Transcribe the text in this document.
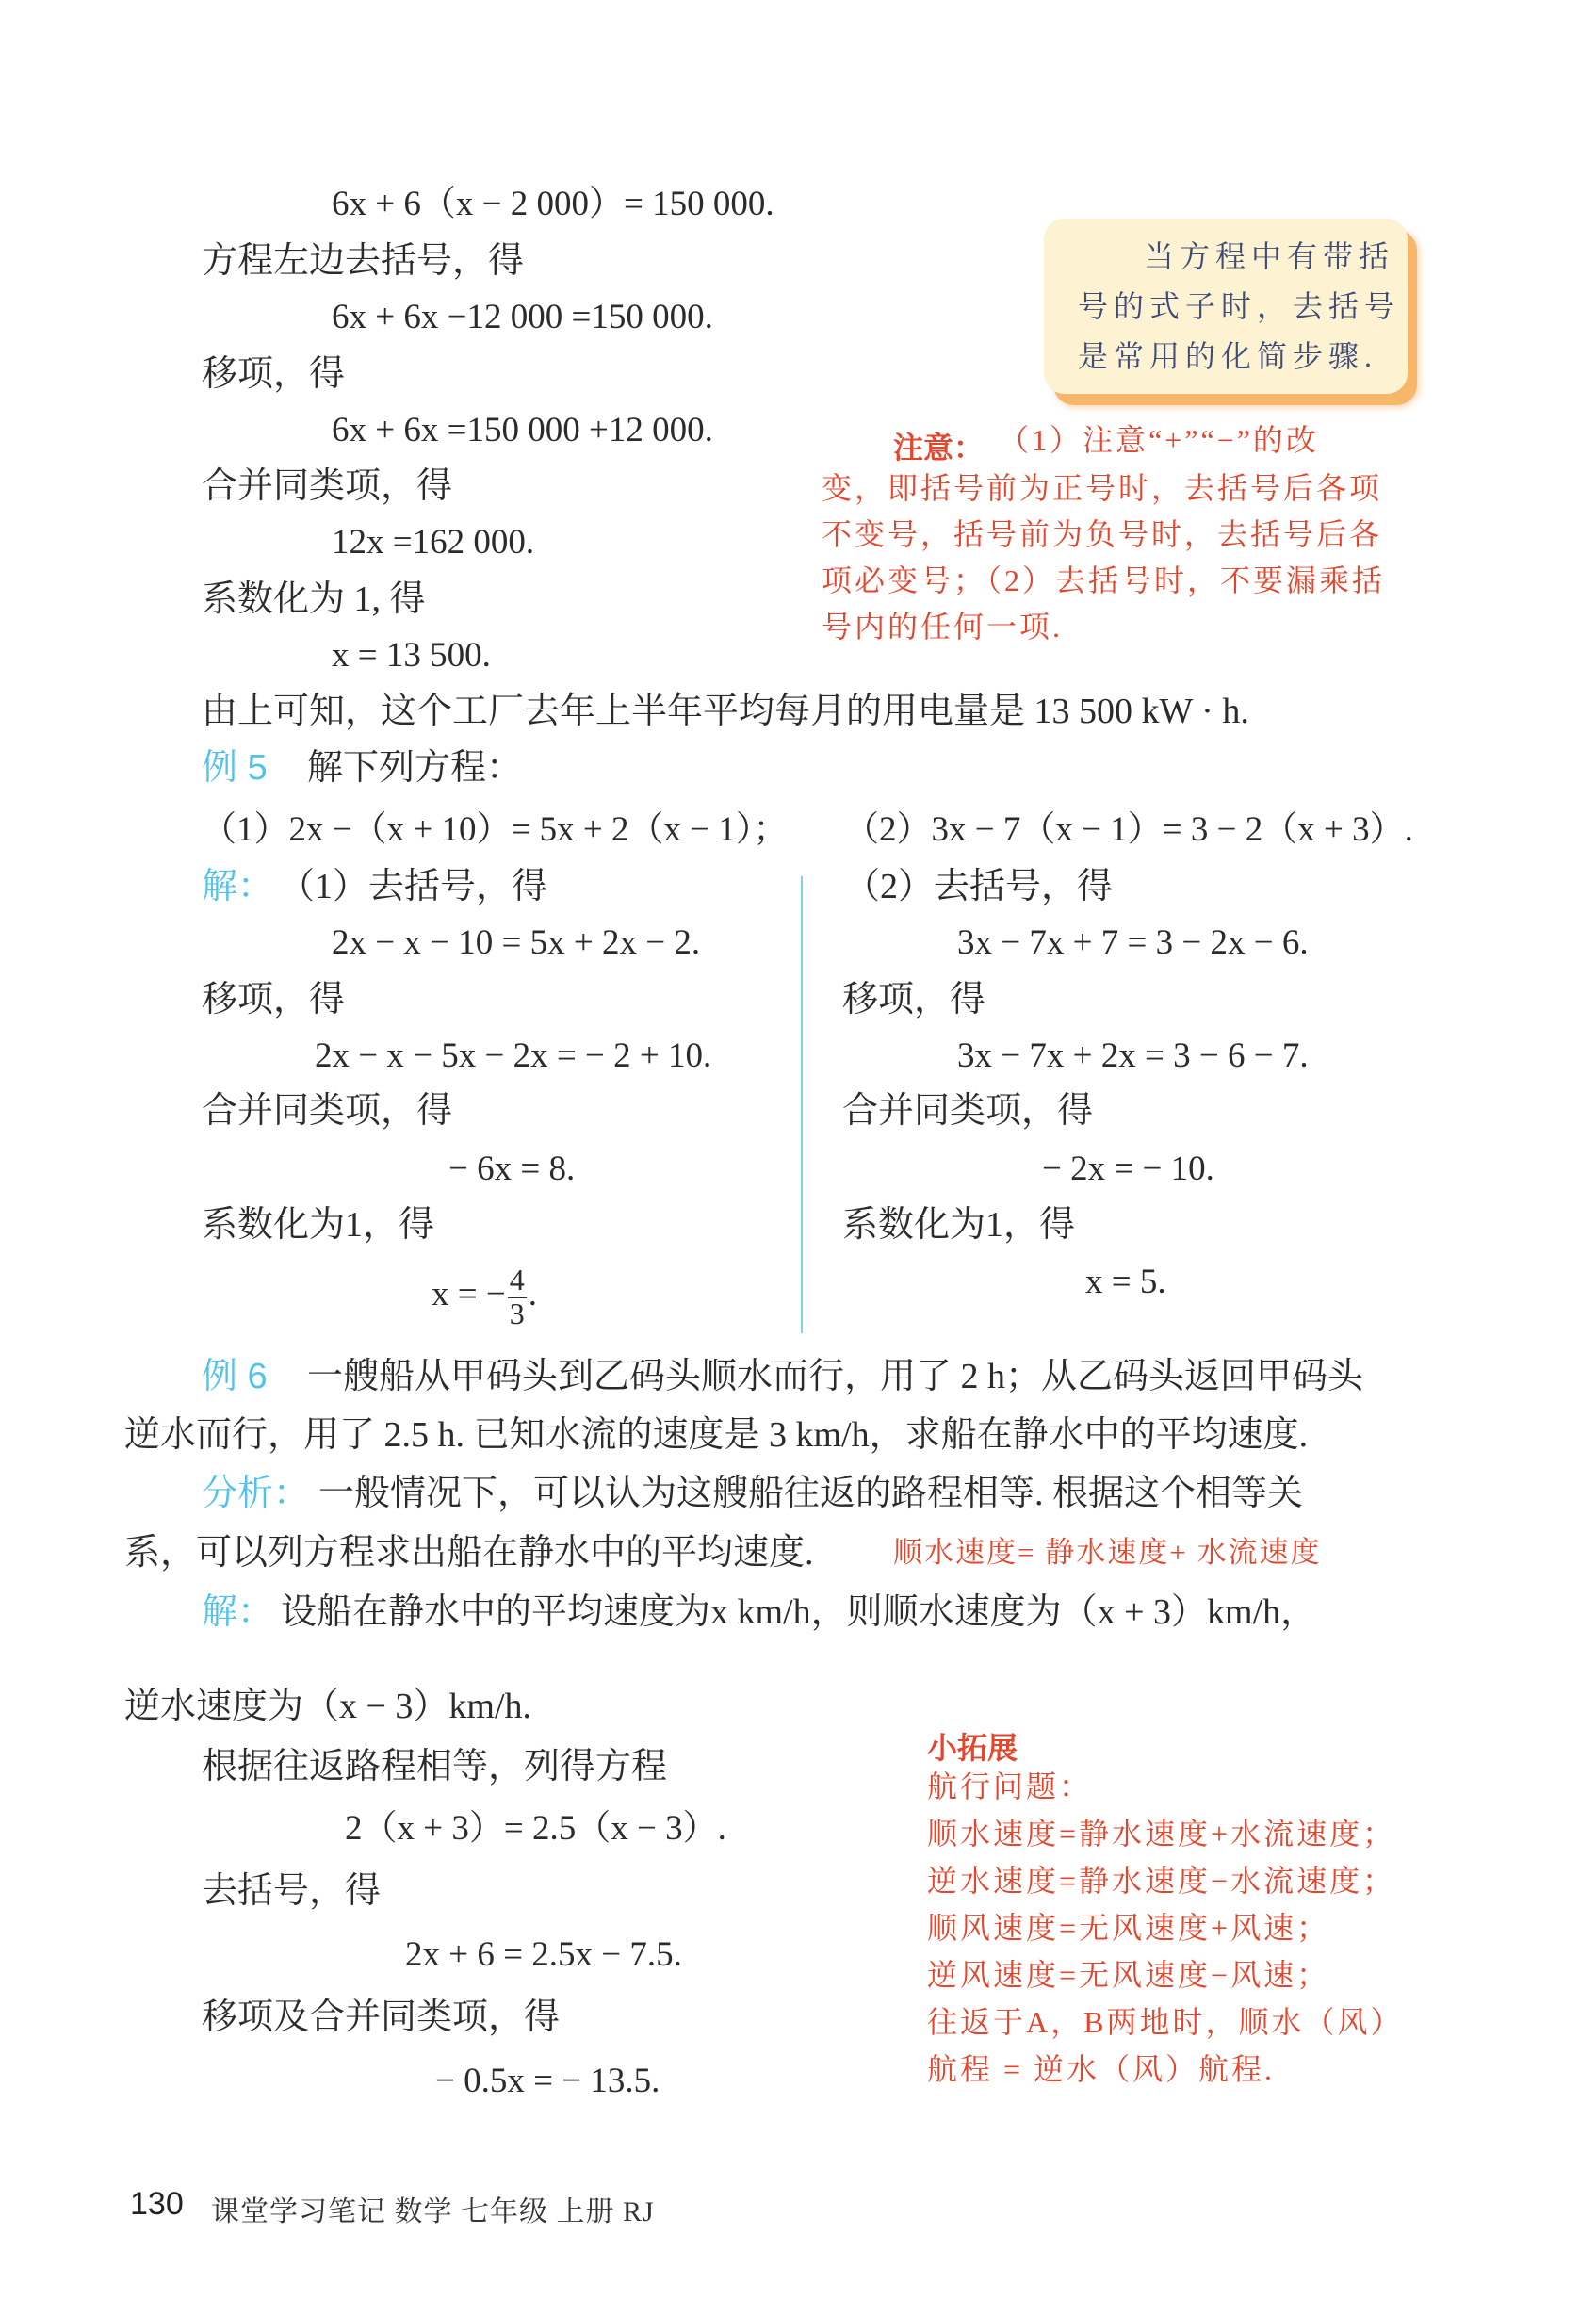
6x + 6（x − 2 000）= 150 000.
方程左边去括号，得
6x + 6x −12 000 =150 000.
移项，得
6x + 6x =150 000 +12 000.
合并同类项，得
12x =162 000.
系数化为 1, 得
x = 13 500.
由上可知，这个工厂去年上半年平均每月的用电量是 13 500 kW · h.
当方程中有带括
号的式子时，去括号
是常用的化简步骤.
注意： （1）注意“+”“−”的改
变，即括号前为正号时，去括号后各项
不变号，括号前为负号时，去括号后各
项必变号；（2）去括号时，不要漏乘括
号内的任何一项.
例 5 解下列方程：
（1）2x −（x + 10）= 5x + 2（x − 1）； （2）3x − 7（x − 1）= 3 − 2（x + 3）.
解： （1）去括号，得
2x − x − 10 = 5x + 2x − 2.
移项，得
2x − x − 5x − 2x = − 2 + 10.
合并同类项，得
− 6x = 8.
系数化为1，得
x = − $\frac{4}{3}$ .
（2）去括号，得
3x − 7x + 7 = 3 − 2x − 6.
移项，得
3x − 7x + 2x = 3 − 6 − 7.
合并同类项，得
− 2x = − 10.
系数化为1，得
x = 5.
例 6 一艘船从甲码头到乙码头顺水而行，用了 2 h；从乙码头返回甲码头
逆水而行，用了 2.5 h. 已知水流的速度是 3 km/h，求船在静水中的平均速度.
分析： 一般情况下，可以认为这艘船往返的路程相等. 根据这个相等关
系，可以列方程求出船在静水中的平均速度.	顺水速度= 静水速度+ 水流速度
解： 设船在静水中的平均速度为x km/h，则顺水速度为（x + 3）km/h，
逆水速度为（x − 3）km/h.
根据往返路程相等，列得方程
2（x + 3）= 2.5（x − 3）.
去括号，得
2x + 6 = 2.5x − 7.5.
移项及合并同类项，得
− 0.5x = − 13.5.
小拓展
航行问题：
顺水速度=静水速度+水流速度；
逆水速度=静水速度−水流速度；
顺风速度=无风速度+风速；
逆风速度=无风速度−风速；
往返于A，B两地时，顺水（风）
航程 = 逆水（风）航程.
130 课堂学习笔记 数学 七年级 上册 RJ
